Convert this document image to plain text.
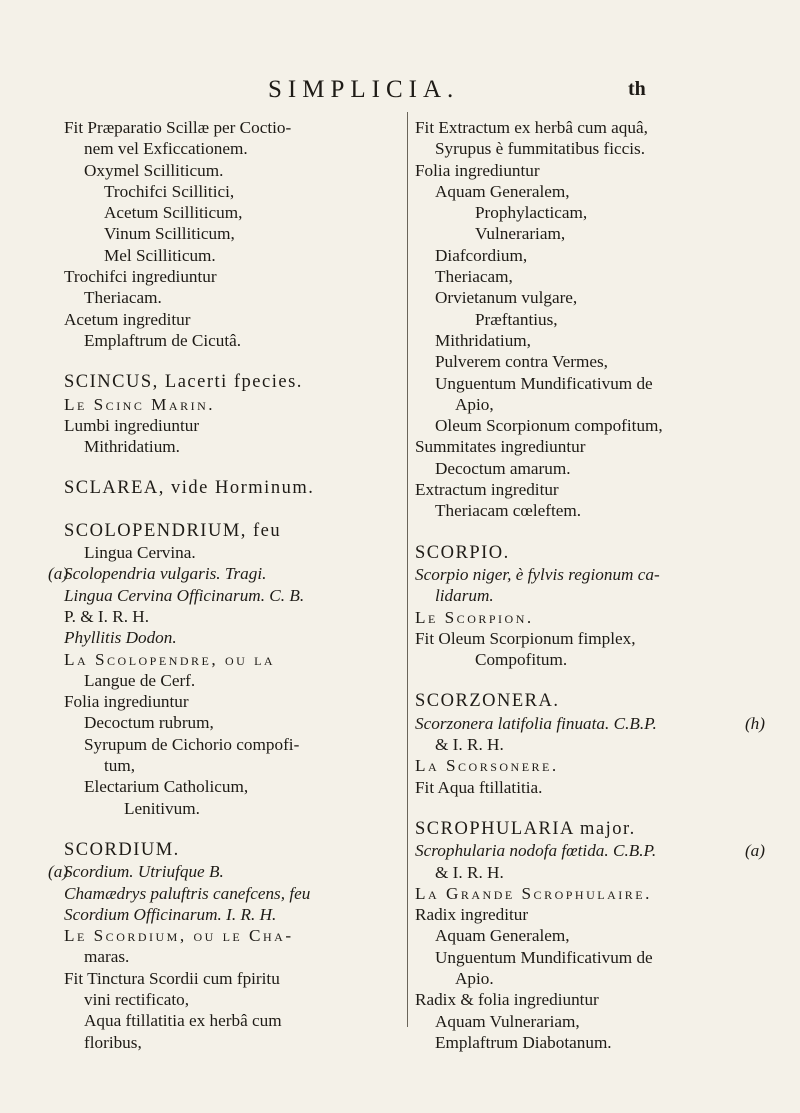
SIMPLICIA.	th
Fit Præparatio Scillæ per Coctio-
nem vel Exficcationem.
Oxymel Scilliticum.
Trochifci Scillitici,
Acetum Scilliticum,
Vinum Scilliticum,
Mel Scilliticum.
Trochifci ingrediuntur
Theriacam.
Acetum ingreditur
Emplaftrum de Cicutâ.
SCINCUS, Lacerti fpecies.
Le Scinc Marin.
Lumbi ingrediuntur
Mithridatium.
SCLAREA, vide Horminum.
SCOLOPENDRIUM, feu
Lingua Cervina.
(a)
Scolopendria vulgaris. Tragi.
Lingua Cervina Officinarum. C. B.
P. & I. R. H.
Phyllitis Dodon.
La Scolopendre, ou la
Langue de Cerf.
Folia ingrediuntur
Decoctum rubrum,
Syrupum de Cichorio compofi-
tum,
Electarium Catholicum,
Lenitivum.
SCORDIUM.
(a)
Scordium. Utriufque B.
Chamædrys paluftris canefcens, feu
Scordium Officinarum. I. R. H.
Le Scordium, ou le Cha-
maras.
Fit Tinctura Scordii cum fpiritu
vini rectificato,
Aqua ftillatitia ex herbâ cum
floribus,
Fit Extractum ex herbâ cum aquâ,
Syrupus è fummitatibus ficcis.
Folia ingrediuntur
Aquam Generalem,
Prophylacticam,
Vulnerariam,
Diafcordium,
Theriacam,
Orvietanum vulgare,
Præftantius,
Mithridatium,
Pulverem contra Vermes,
Unguentum Mundificativum de
Apio,
Oleum Scorpionum compofitum,
Summitates ingrediuntur
Decoctum amarum.
Extractum ingreditur
Theriacam cœleftem.
SCORPIO.
Scorpio niger, è fylvis regionum ca-
lidarum.
Le Scorpion.
Fit Oleum Scorpionum fimplex,
Compofitum.
SCORZONERA.
Scorzonera latifolia finuata. C.B.P.	(h)
& I. R. H.
La Scorsonere.
Fit Aqua ftillatitia.
SCROPHULARIA major.
Scrophularia nodofa fœtida. C.B.P.	(a)
& I. R. H.
La Grande Scrophulaire.
Radix ingreditur
Aquam Generalem,
Unguentum Mundificativum de
Apio.
Radix & folia ingrediuntur
Aquam Vulnerariam,
Emplaftrum Diabotanum.
